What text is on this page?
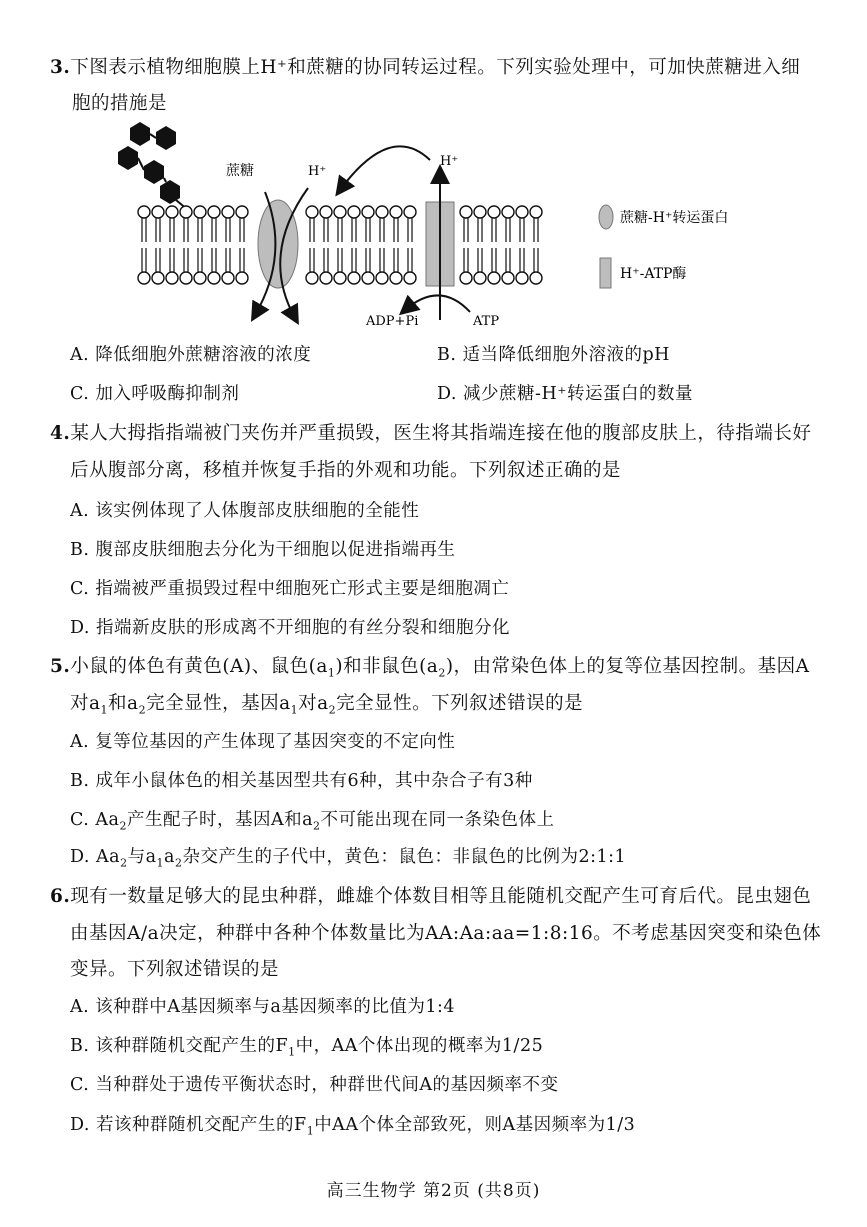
3.下图表示植物细胞膜上H⁺和蔗糖的协同转运过程。下列实验处理中，可加快蔗糖进入细
胞的措施是
蔗糖	H⁺
H⁺
ADP+Pi	ATP
蔗糖-H⁺转运蛋白
H⁺-ATP酶
A. 降低细胞外蔗糖溶液的浓度	B. 适当降低细胞外溶液的pH
C. 加入呼吸酶抑制剂	D. 减少蔗糖-H⁺转运蛋白的数量
4.某人大拇指指端被门夹伤并严重损毁，医生将其指端连接在他的腹部皮肤上，待指端长好
后从腹部分离，移植并恢复手指的外观和功能。下列叙述正确的是
A. 该实例体现了人体腹部皮肤细胞的全能性
B. 腹部皮肤细胞去分化为干细胞以促进指端再生
C. 指端被严重损毁过程中细胞死亡形式主要是细胞凋亡
D. 指端新皮肤的形成离不开细胞的有丝分裂和细胞分化
5.小鼠的体色有黄色(A)、鼠色$(a_1)$和非鼠色$(a_2)$，由常染色体上的复等位基因控制。基因A
对$a_1$和$a_2$完全显性，基因$a_1$对$a_2$完全显性。下列叙述错误的是
A. 复等位基因的产生体现了基因突变的不定向性
B. 成年小鼠体色的相关基因型共有6种，其中杂合子有3种
C. $Aa_2$产生配子时，基因A和$a_2$不可能出现在同一条染色体上
D. $Aa_2$与$a_1a_2$杂交产生的子代中，黄色：鼠色：非鼠色的比例为2:1:1
6.现有一数量足够大的昆虫种群，雌雄个体数目相等且能随机交配产生可育后代。昆虫翅色
由基因A/a决定，种群中各种个体数量比为AA:Aa:aa=1:8:16。不考虑基因突变和染色体
变异。下列叙述错误的是
A. 该种群中A基因频率与a基因频率的比值为1:4
B. 该种群随机交配产生的$F_1$中，AA个体出现的概率为1/25
C. 当种群处于遗传平衡状态时，种群世代间A的基因频率不变
D. 若该种群随机交配产生的$F_1$中AA个体全部致死，则A基因频率为1/3
高三生物学 第2页 (共8页)
